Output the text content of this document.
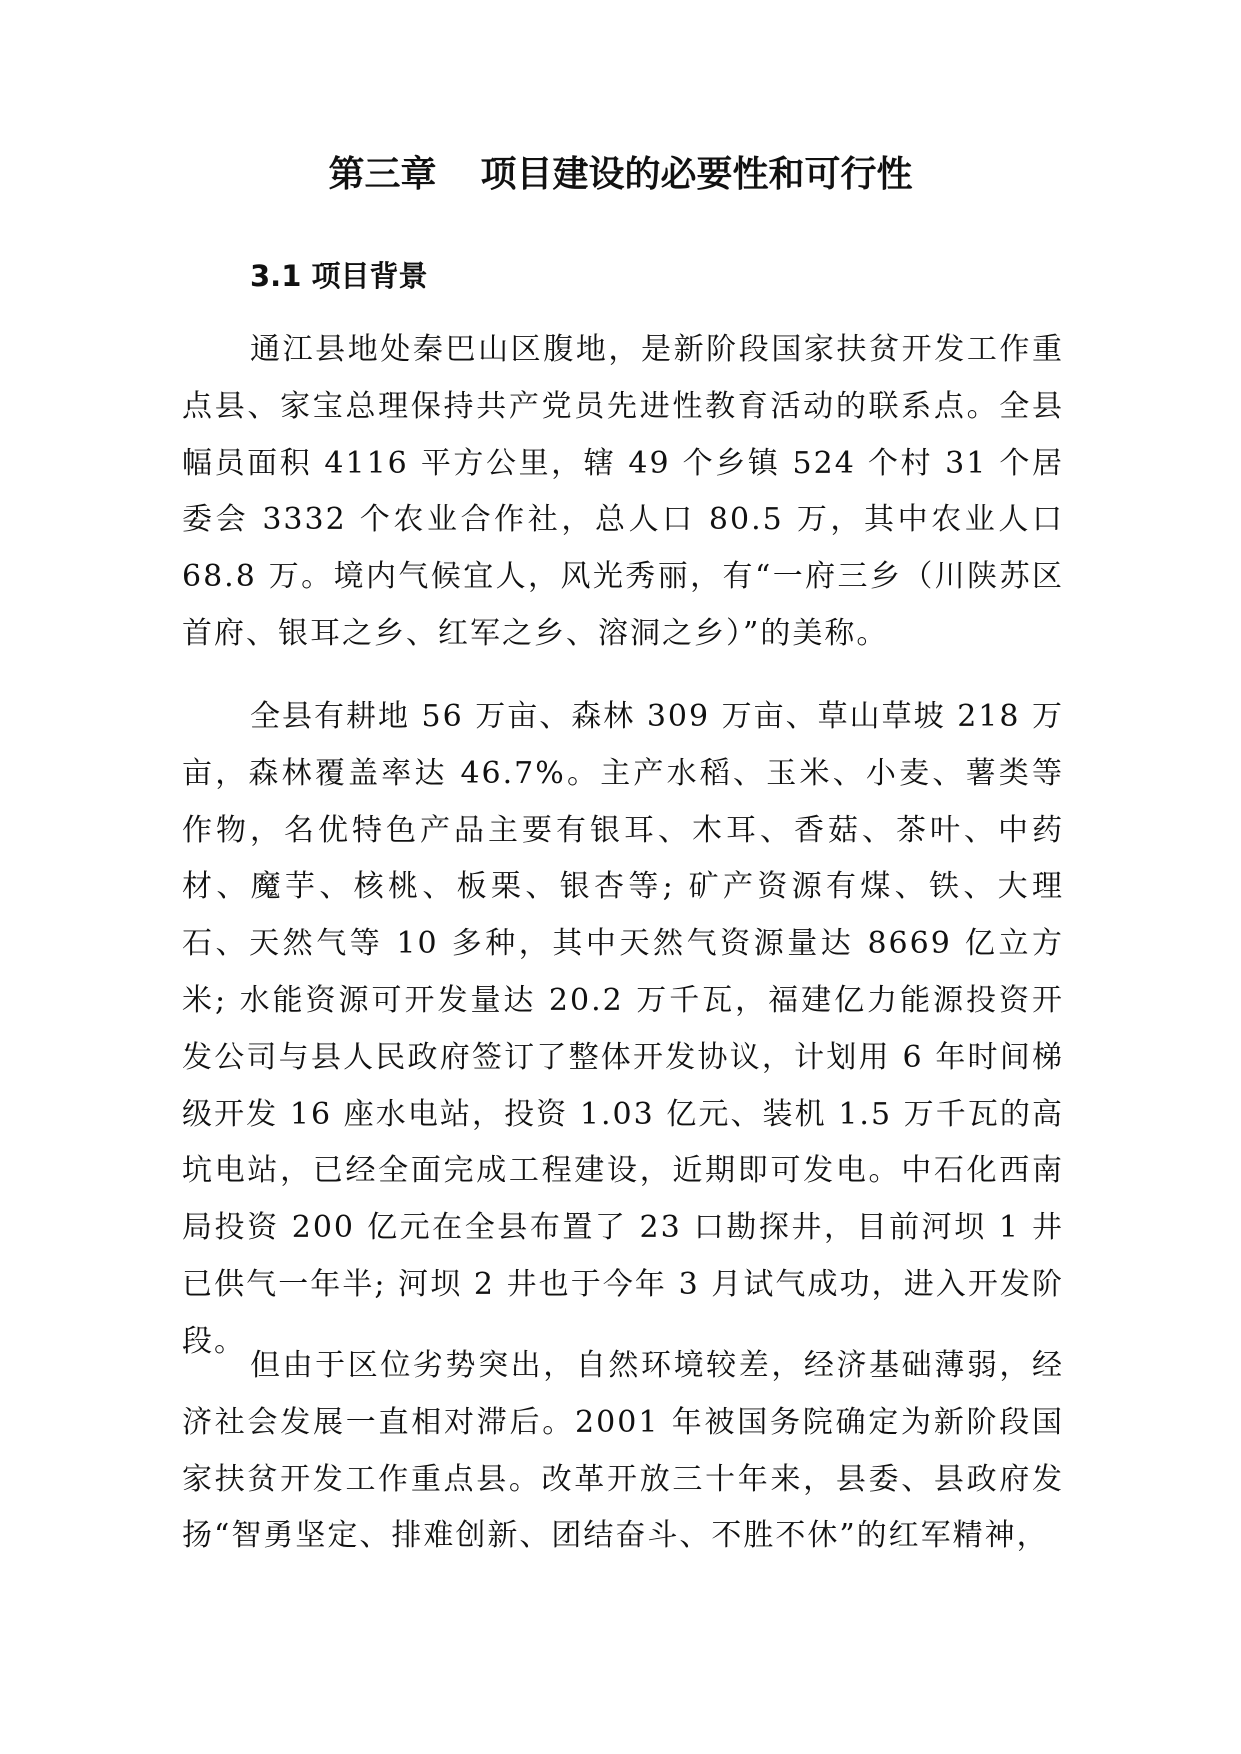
第三章 项目建设的必要性和可行性
3.1 项目背景

通江县地处秦巴山区腹地，是新阶段国家扶贫开发工作重点县、家宝总理保持共产党员先进性教育活动的联系点。全县幅员面积 4116 平方公里，辖 49 个乡镇 524 个村 31 个居委会 3332 个农业合作社，总人口 80.5 万，其中农业人口 68.8 万。境内气候宜人，风光秀丽，有“一府三乡（川陕苏区首府、银耳之乡、红军之乡、溶洞之乡）”的美称。

全县有耕地 56 万亩、森林 309 万亩、草山草坡 218 万亩，森林覆盖率达 46.7%。主产水稻、玉米、小麦、薯类等作物，名优特色产品主要有银耳、木耳、香菇、茶叶、中药材、魔芋、核桃、板栗、银杏等; 矿产资源有煤、铁、大理石、天然气等 10 多种，其中天然气资源量达 8669 亿立方米; 水能资源可开发量达 20.2 万千瓦，福建亿力能源投资开发公司与县人民政府签订了整体开发协议，计划用 6 年时间梯级开发 16 座水电站，投资 1.03 亿元、装机 1.5 万千瓦的高坑电站，已经全面完成工程建设，近期即可发电。中石化西南局投资 200 亿元在全县布置了 23 口勘探井，目前河坝 1 井已供气一年半; 河坝 2 井也于今年 3 月试气成功，进入开发阶段。

但由于区位劣势突出，自然环境较差，经济基础薄弱，经济社会发展一直相对滞后。2001 年被国务院确定为新阶段国家扶贫开发工作重点县。改革开放三十年来，县委、县政府发扬“智勇坚定、排难创新、团结奋斗、不胜不休”的红军精神，
